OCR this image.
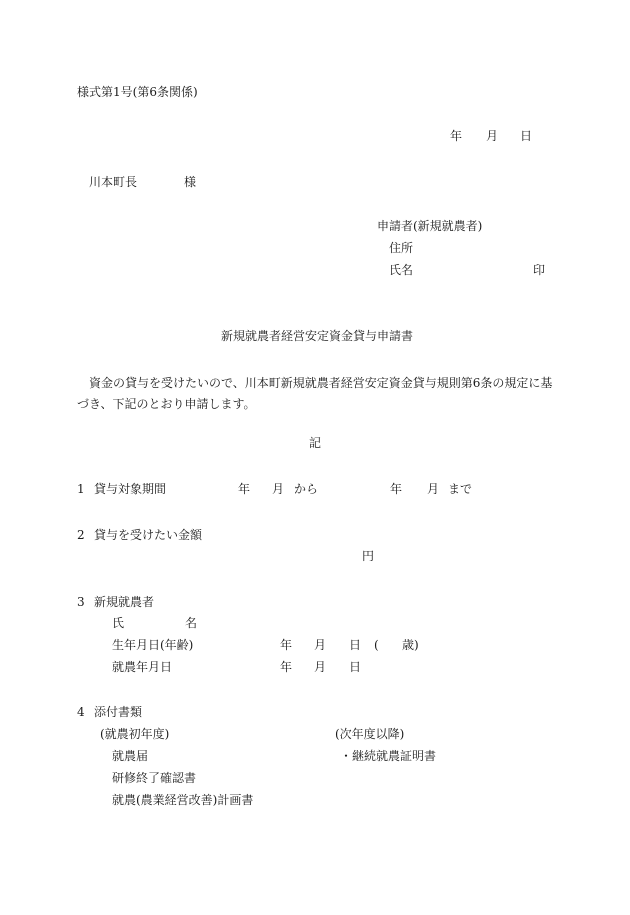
様式第1号(第6条関係)
年 月 日
川本町長	様
申請者(新規就農者)
住所
氏名	印
新規就農者経営安定資金貸与申請書
資金の貸与を受けたいので、川本町新規就農者経営安定資金貸与規則第6条の規定に基づき、下記のとおり申請します。
記
1 貸与対象期間	年 月 から	年 月 まで
2 貸与を受けたい金額
円
3 新規就農者
氏	名
生年月日(年齢)	年 月 日 ( 歳)
就農年月日	年 月 日
4 添付書類
(就農初年度)	(次年度以降)
就農届	・継続就農証明書
研修終了確認書
就農(農業経営改善)計画書
